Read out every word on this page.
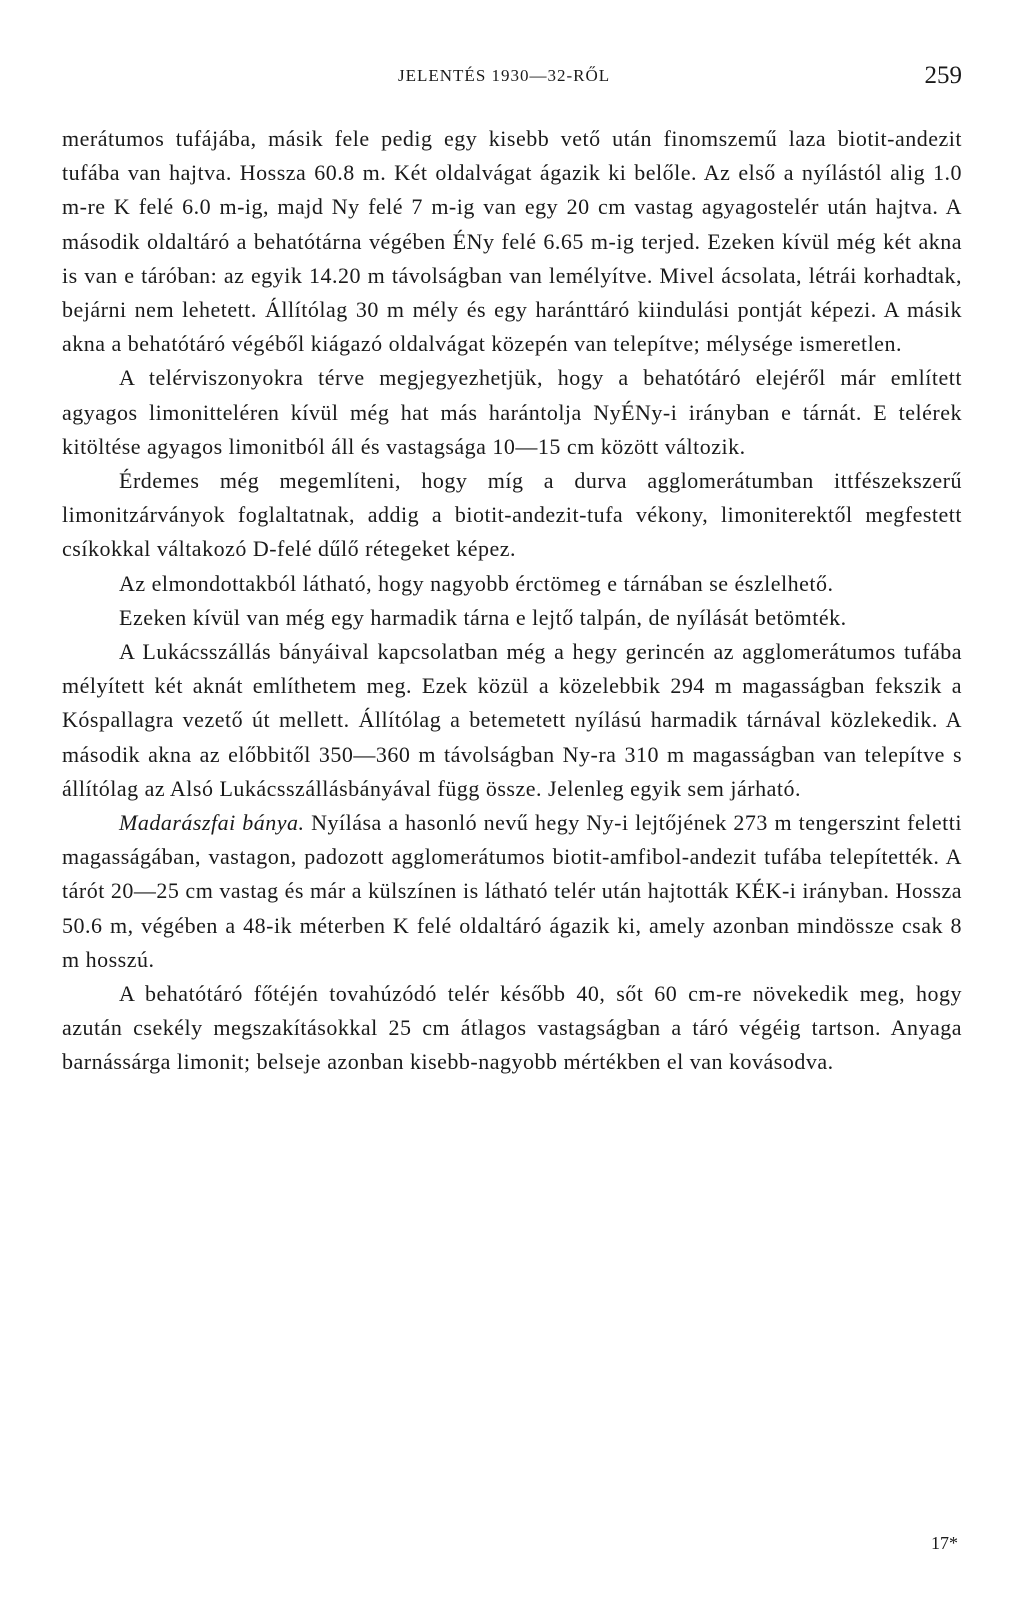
JELENTÉS 1930—32-RŐL	259

merátumos tufájába, másik fele pedig egy kisebb vető után finomszemű laza biotit-andezit tufába van hajtva. Hossza 60.8 m. Két oldalvágat ágazik ki belőle. Az első a nyílástól alig 1.0 m-re K felé 6.0 m-ig, majd Ny felé 7 m-ig van egy 20 cm vastag agyagostelér után hajtva. A második oldaltáró a behatótárna végében ÉNy felé 6.65 m-ig terjed. Ezeken kívül még két akna is van e táróban: az egyik 14.20 m távolságban van lemélyítve. Mivel ácsolata, létrái korhadtak, bejárni nem lehetett. Állítólag 30 m mély és egy haránttáró kiindulási pontját képezi. A másik akna a behatótáró végéből kiágazó oldalvágat közepén van telepítve; mélysége ismeretlen.

A telérviszonyokra térve megjegyezhetjük, hogy a behatótáró elejéről már említett agyagos limonitteléren kívül még hat más harántolja NyÉNy-i irányban e tárnát. E telérek kitöltése agyagos limonitból áll és vastagsága 10—15 cm között változik.

Érdemes még megemlíteni, hogy míg a durva agglomerátumban ittfészekszerű limonitzárványok foglaltatnak, addig a biotit-andezit-tufa vékony, limoniterektől megfestett csíkokkal váltakozó D-felé dűlő rétegeket képez.

Az elmondottakból látható, hogy nagyobb érctömeg e tárnában se észlelhető.

Ezeken kívül van még egy harmadik tárna e lejtő talpán, de nyílását betömték.

A Lukácsszállás bányáival kapcsolatban még a hegy gerincén az agglomerátumos tufába mélyített két aknát említhetem meg. Ezek közül a közelebbik 294 m magasságban fekszik a Kóspallagra vezető út mellett. Állítólag a betemetett nyílású harmadik tárnával közlekedik. A második akna az előbbitől 350—360 m távolságban Ny-ra 310 m magasságban van telepítve s állítólag az Alsó Lukácsszállásbányával függ össze. Jelenleg egyik sem járható.

Madarászfai bánya. Nyílása a hasonló nevű hegy Ny-i lejtőjének 273 m tengerszint feletti magasságában, vastagon, padozott agglomerátumos biotit-amfibol-andezit tufába telepítették. A tárót 20—25 cm vastag és már a külszínen is látható telér után hajtották KÉK-i irányban. Hossza 50.6 m, végében a 48-ik méterben K felé oldaltáró ágazik ki, amely azonban mindössze csak 8 m hosszú.

A behatótáró főtéjén tovahúzódó telér később 40, sőt 60 cm-re növekedik meg, hogy azután csekély megszakításokkal 25 cm átlagos vastagságban a táró végéig tartson. Anyaga barnássárga limonit; belseje azonban kisebb-nagyobb mértékben el van kovásodva.

17*
